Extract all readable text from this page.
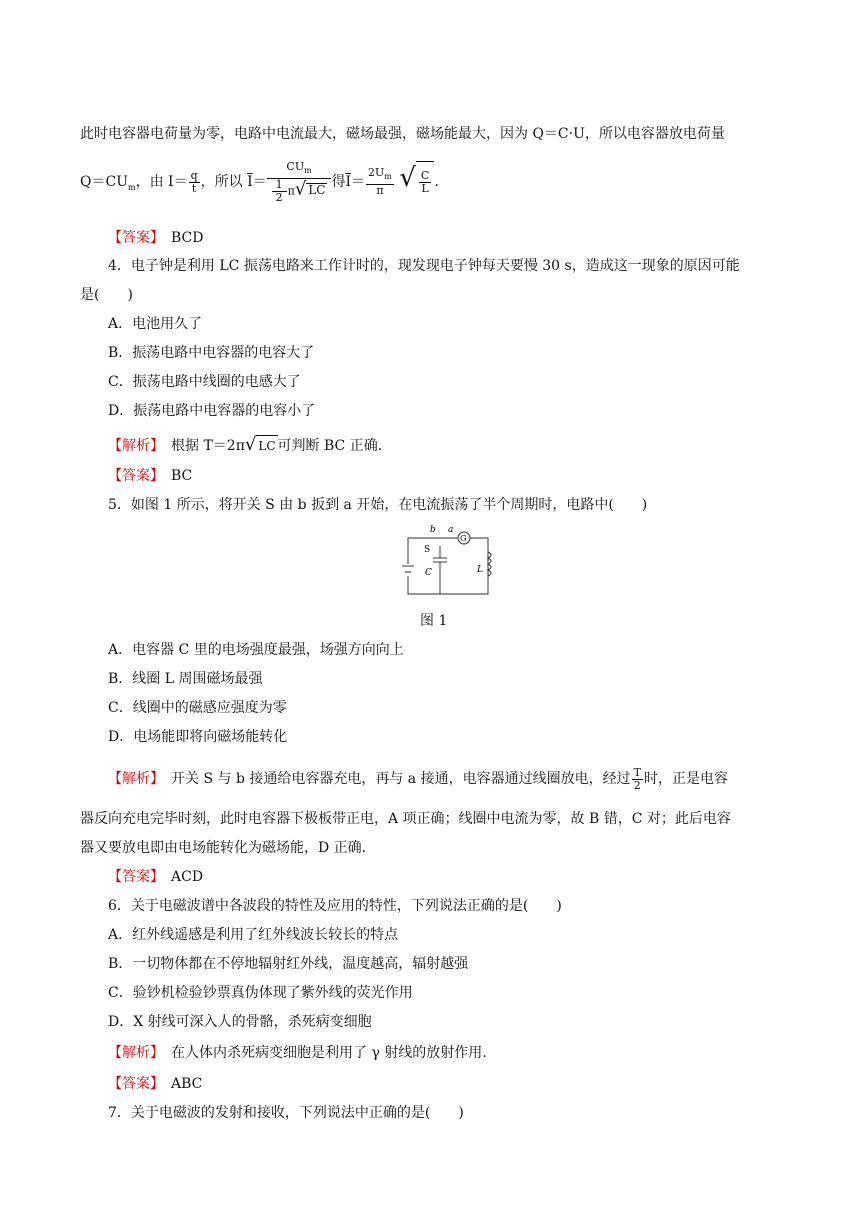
此时电容器电荷量为零，电路中电流最大，磁场最强，磁场能最大，因为 Q＝C·U，所以电容器放电荷量
$Q=CU_m$，由 $I= \frac{q}{t}$ ，所以 $\overline{I}= \frac{CU_m}{\frac{1}{2} \pi√ LC}$ 得$\overline{I}= \frac{2U_m}{\pi}$ √ $\frac{C}{L}$ .
【答案】　 BCD
4．电子钟是利用 LC 振荡电路来工作计时的，现发现电子钟每天要慢 30 s，造成这一现象的原因可能
是(　　)
A．电池用久了
B．振荡电路中电容器的电容大了
C．振荡电路中线圈的电感大了
D．振荡电路中电容器的电容小了
【解析】　 根据 T＝2π√ LC 可判断 BC 正确.
【答案】　 BC
5．如图 1 所示，将开关 S 由 b 扳到 a 开始，在电流振荡了半个周期时，电路中(　　)
G
b a
S
C	L
图 1
A．电容器 C 里的电场强度最强，场强方向向上
B．线圈 L 周围磁场最强
C．线圈中的磁感应强度为零
D．电场能即将向磁场能转化
【解析】　 开关 S 与 b 接通给电容器充电，再与 a 接通，电容器通过线圈放电，经过 $\frac{T}{2}$ 时，正是电容
器反向充电完毕时刻，此时电容器下极板带正电，A 项正确；线圈中电流为零，故 B 错，C 对；此后电容
器又要放电即由电场能转化为磁场能，D 正确.
【答案】　 ACD
6．关于电磁波谱中各波段的特性及应用的特性，下列说法正确的是(　　)
A．红外线遥感是利用了红外线波长较长的特点
B．一切物体都在不停地辐射红外线，温度越高，辐射越强
C．验钞机检验钞票真伪体现了紫外线的荧光作用
D．X 射线可深入人的骨骼，杀死病变细胞
【解析】　 在人体内杀死病变细胞是利用了 γ 射线的放射作用.
【答案】　 ABC
7．关于电磁波的发射和接收，下列说法中正确的是(　　)
